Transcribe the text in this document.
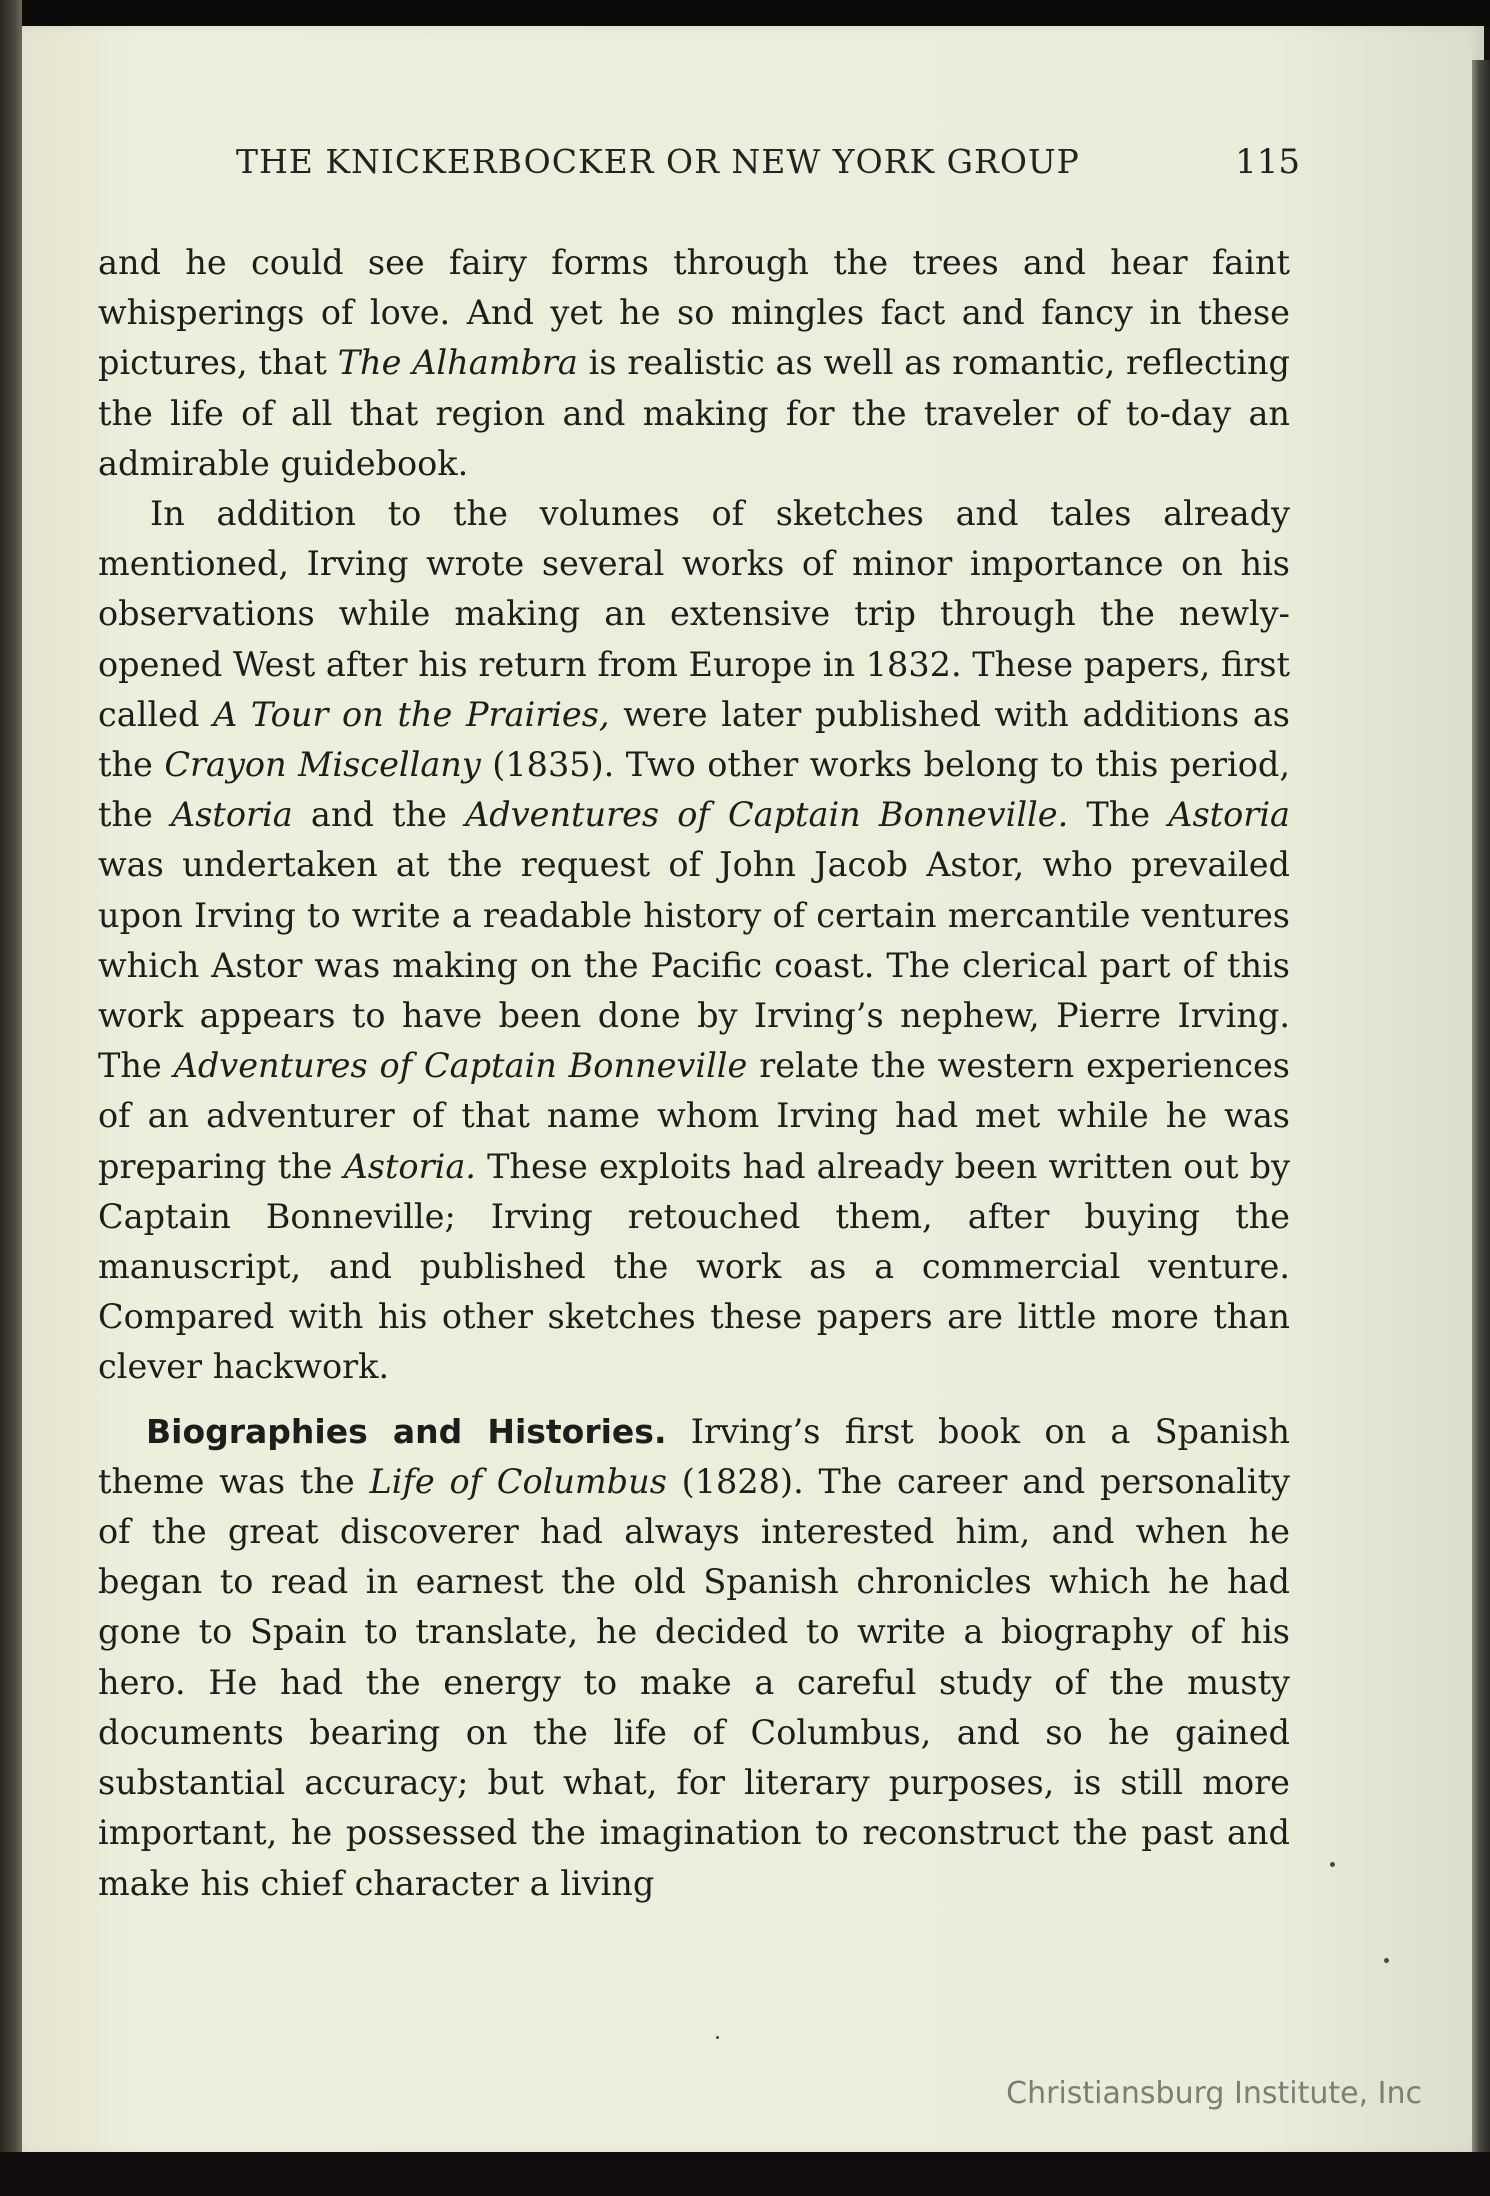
THE KNICKERBOCKER OR NEW YORK GROUP	115

and he could see fairy forms through the trees and hear faint whisperings of love. And yet he so mingles fact and fancy in these pictures, that The Alhambra is realistic as well as romantic, reflecting the life of all that region and making for the traveler of to-day an admirable guidebook.

In addition to the volumes of sketches and tales already mentioned, Irving wrote several works of minor importance on his observations while making an extensive trip through the newly-opened West after his return from Europe in 1832. These papers, first called A Tour on the Prairies, were later published with additions as the Crayon Miscellany (1835). Two other works belong to this period, the Astoria and the Adventures of Captain Bonneville. The Astoria was undertaken at the request of John Jacob Astor, who prevailed upon Irving to write a readable history of certain mercantile ventures which Astor was making on the Pacific coast. The clerical part of this work appears to have been done by Irving’s nephew, Pierre Irving. The Adventures of Captain Bonneville relate the western experiences of an adventurer of that name whom Irving had met while he was preparing the Astoria. These exploits had already been written out by Captain Bonneville; Irving retouched them, after buying the manuscript, and published the work as a commercial venture. Compared with his other sketches these papers are little more than clever hackwork.

Biographies and Histories. Irving’s first book on a Spanish theme was the Life of Columbus (1828). The career and personality of the great discoverer had always interested him, and when he began to read in earnest the old Spanish chronicles which he had gone to Spain to translate, he decided to write a biography of his hero. He had the energy to make a careful study of the musty documents bearing on the life of Columbus, and so he gained substantial accuracy; but what, for literary purposes, is still more important, he possessed the imagination to reconstruct the past and make his chief character a living

Christiansburg Institute, Inc
